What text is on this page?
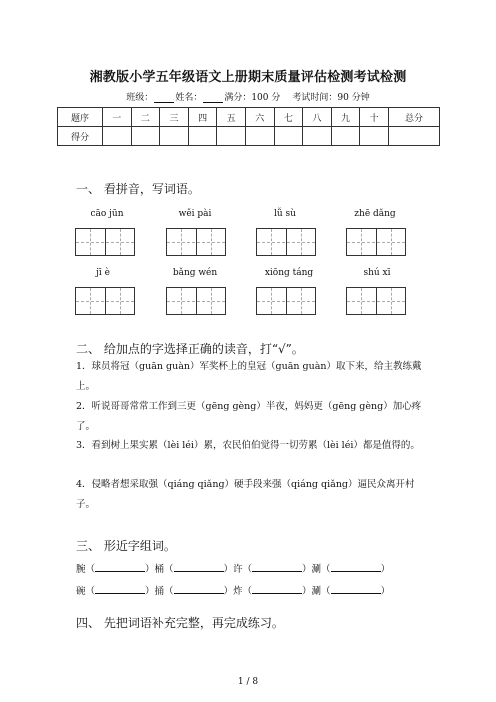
湘教版小学五年级语文上册期末质量评估检测考试检测
班级： 姓名： 满分：100 分 考试时间：90 分钟
题序	一	二	三	四	五	六	七	八	九	十	总分
得分											
一、 看拼音，写词语。
cāo jūn	wěi pài	lǚ sù	zhē dǎng
jī è	bǎng wén	xiōng táng	shú xī
二、 给加点的字选择正确的读音，打“√”。
1．球员将冠（guān guàn）军奖杯上的皇冠（guān guàn）取下来，给主教练戴上。
2．听说哥哥常常工作到三更（gēng gèng）半夜，妈妈更（gēng gèng）加心疼了。
3．看到树上果实累（lèi léi）累，农民伯伯觉得一切劳累（lèi léi）都是值得的。
4．侵略者想采取强（qiáng qiǎng）硬手段来强（qiáng qiǎng）逼民众离开村子。
三、 形近字组词。
腕（	）桶（	）许（	）涮（	）
碗（	）捅（	）炸（	）涮（	）
四、 先把词语补充完整，再完成练习。
1 / 8
